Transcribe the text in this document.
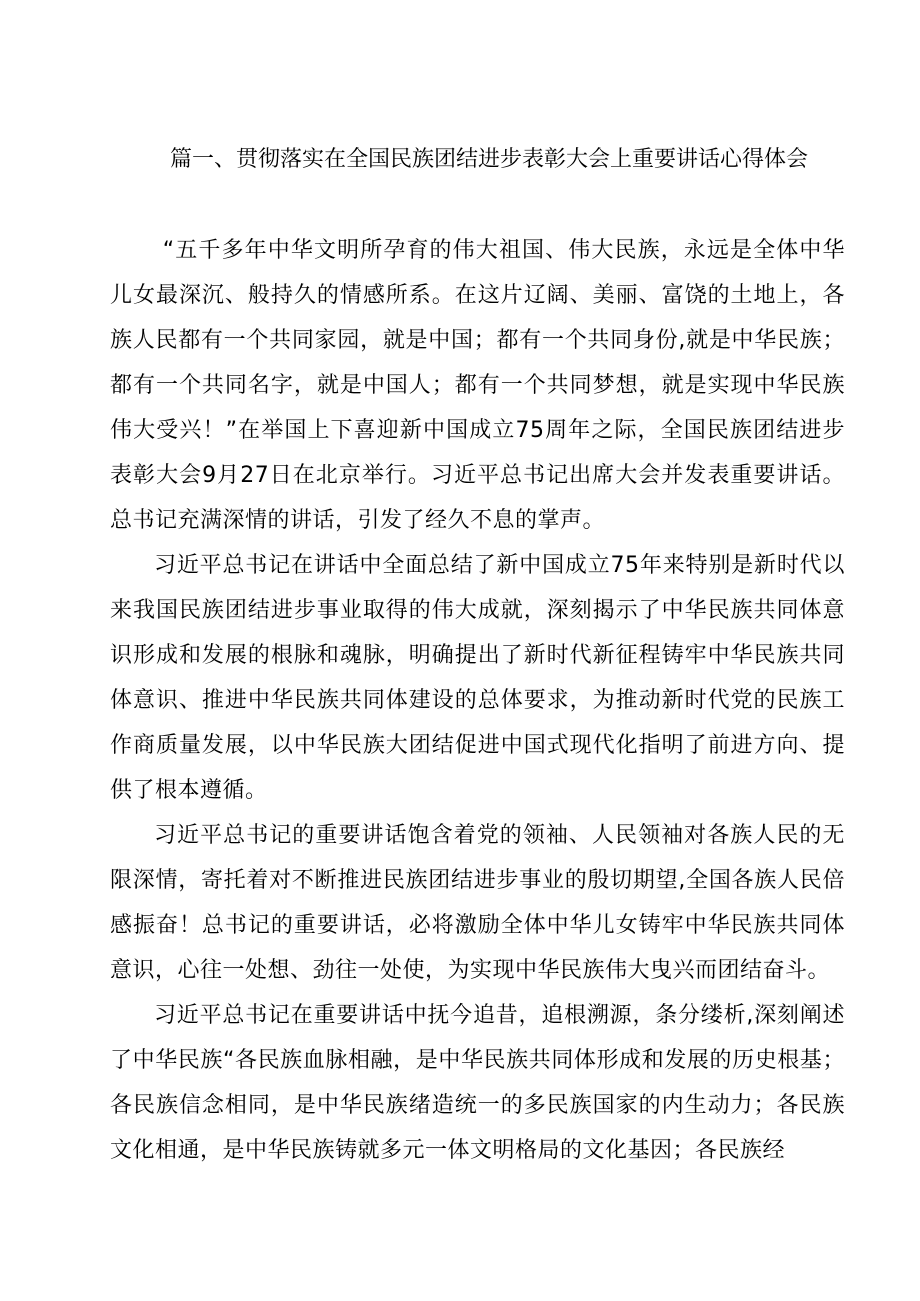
篇一、贯彻落实在全国民族团结进步表彰大会上重要讲话心得体会

“五千多年中华文明所孕育的伟大祖国、伟大民族，永远是全体中华儿女最深沉、般持久的情感所系。在这片辽阔、美丽、富饶的土地上，各族人民都有一个共同家园，就是中国；都有一个共同身份,就是中华民族；都有一个共同名字，就是中国人；都有一个共同梦想，就是实现中华民族伟大受兴！”在举国上下喜迎新中国成立75周年之际，全国民族团结进步表彰大会9月27日在北京举行。习近平总书记出席大会并发表重要讲话。总书记充满深情的讲话，引发了经久不息的掌声。

习近平总书记在讲话中全面总结了新中国成立75年来特别是新时代以来我国民族团结进步事业取得的伟大成就，深刻揭示了中华民族共同体意识形成和发展的根脉和魂脉，明确提出了新时代新征程铸牢中华民族共同体意识、推进中华民族共同体建设的总体要求，为推动新时代党的民族工作商质量发展，以中华民族大团结促进中国式现代化指明了前进方向、提供了根本遵循。

习近平总书记的重要讲话饱含着党的领袖、人民领袖对各族人民的无限深情，寄托着对不断推进民族团结进步事业的殷切期望,全国各族人民倍感振奋！总书记的重要讲话，必将激励全体中华儿女铸牢中华民族共同体意识，心往一处想、劲往一处使，为实现中华民族伟大曳兴而团结奋斗。

习近平总书记在重要讲话中抚今追昔，追根溯源，条分缕析,深刻阐述了中华民族“各民族血脉相融，是中华民族共同体形成和发展的历史根基；各民族信念相同，是中华民族绪造统一的多民族国家的内生动力；各民族文化相通，是中华民族铸就多元一体文明格局的文化基因；各民族经
